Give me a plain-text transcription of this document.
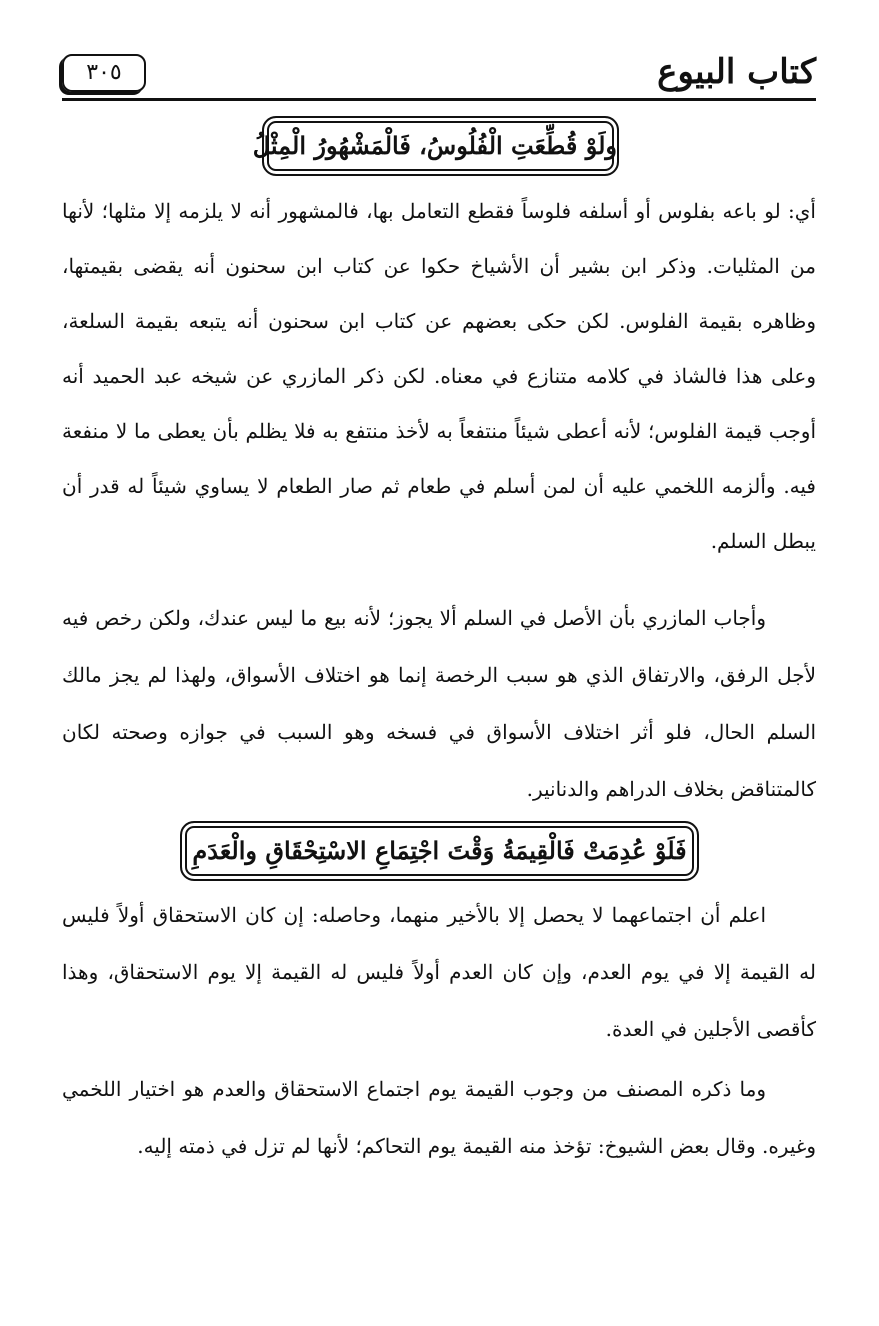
كتاب البيوع
٣٠٥
ولَوْ قُطِّعَتِ الْفُلُوسُ، فَالْمَشْهُورُ الْمِثْلُ

أي: لو باعه بفلوس أو أسلفه فلوساً فقطع التعامل بها، فالمشهور أنه لا يلزمه إلا مثلها؛ لأنها من المثليات. وذكر ابن بشير أن الأشياخ حكوا عن كتاب ابن سحنون أنه يقضى بقيمتها، وظاهره بقيمة الفلوس. لكن حكى بعضهم عن كتاب ابن سحنون أنه يتبعه بقيمة السلعة، وعلى هذا فالشاذ في كلامه متنازع في معناه. لكن ذكر المازري عن شيخه عبد الحميد أنه أوجب قيمة الفلوس؛ لأنه أعطى شيئاً منتفعاً به لأخذ منتفع به فلا يظلم بأن يعطى ما لا منفعة فيه. وألزمه اللخمي عليه أن لمن أسلم في طعام ثم صار الطعام لا يساوي شيئاً له قدر أن يبطل السلم.

وأجاب المازري بأن الأصل في السلم ألا يجوز؛ لأنه بيع ما ليس عندك، ولكن رخص فيه لأجل الرفق، والارتفاق الذي هو سبب الرخصة إنما هو اختلاف الأسواق، ولهذا لم يجز مالك السلم الحال، فلو أثر اختلاف الأسواق في فسخه وهو السبب في جوازه وصحته لكان كالمتناقض بخلاف الدراهم والدنانير.

فَلَوْ عُدِمَتْ فَالْقِيمَةُ وَقْتَ اجْتِمَاعِ الاسْتِحْقَاقِ والْعَدَمِ

اعلم أن اجتماعهما لا يحصل إلا بالأخير منهما، وحاصله: إن كان الاستحقاق أولاً فليس له القيمة إلا في يوم العدم، وإن كان العدم أولاً فليس له القيمة إلا يوم الاستحقاق، وهذا كأقصى الأجلين في العدة.

وما ذكره المصنف من وجوب القيمة يوم اجتماع الاستحقاق والعدم هو اختيار اللخمي وغيره. وقال بعض الشيوخ: تؤخذ منه القيمة يوم التحاكم؛ لأنها لم تزل في ذمته إليه.
